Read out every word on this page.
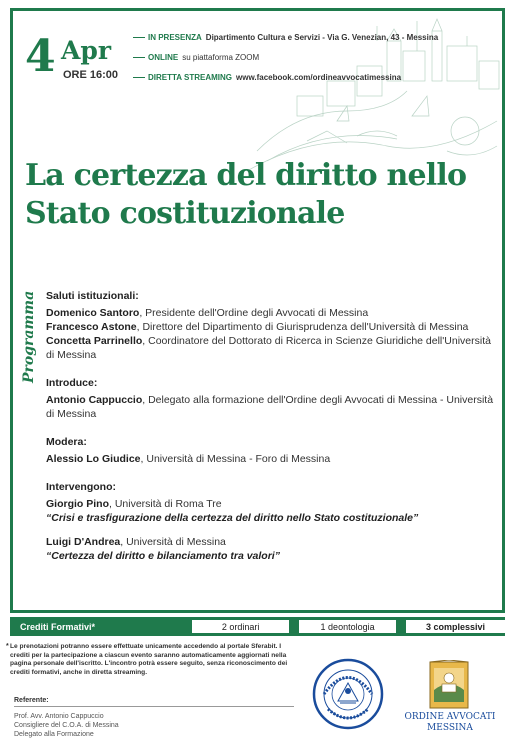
4 Apr
ORE 16:00
IN PRESENZA Dipartimento Cultura e Servizi - Via G. Venezian, 43 - Messina
ONLINE su piattaforma ZOOM
DIRETTA STREAMING www.facebook.com/ordineavvocatimessina
La certezza del diritto nello
Stato costituzionale
Programma Saluti istituzionali:
Domenico Santoro, Presidente dell'Ordine degli Avvocati di Messina
Francesco Astone, Direttore del Dipartimento di Giurisprudenza dell'Università di Messina
Concetta Parrinello, Coordinatore del Dottorato di Ricerca in Scienze Giuridiche dell'Università di Messina
Introduce:
Antonio Cappuccio, Delegato alla formazione dell'Ordine degli Avvocati di Messina - Università di Messina
Modera:
Alessio Lo Giudice, Università di Messina - Foro di Messina
Intervengono:
Giorgio Pino, Università di Roma Tre
“Crisi e trasfigurazione della certezza del diritto nello Stato costituzionale”
Luigi D'Andrea, Università di Messina
“Certezza del diritto e bilanciamento tra valori”
Crediti Formativi*	2 ordinari	1 deontologia	3 complessivi
* Le prenotazioni potranno essere effettuate unicamente accedendo al portale Sferabit. I crediti per la partecipazione a ciascun evento saranno automaticamente aggiornati nella pagina personale dell'iscritto. L'incontro potrà essere seguito, senza riconoscimento dei crediti formativi, anche in diretta streaming.
Referente:
Prof. Avv. Antonio Cappuccio
Consigliere del C.O.A. di Messina
Delegato alla Formazione
ORDINE AVVOCATI
MESSINA
